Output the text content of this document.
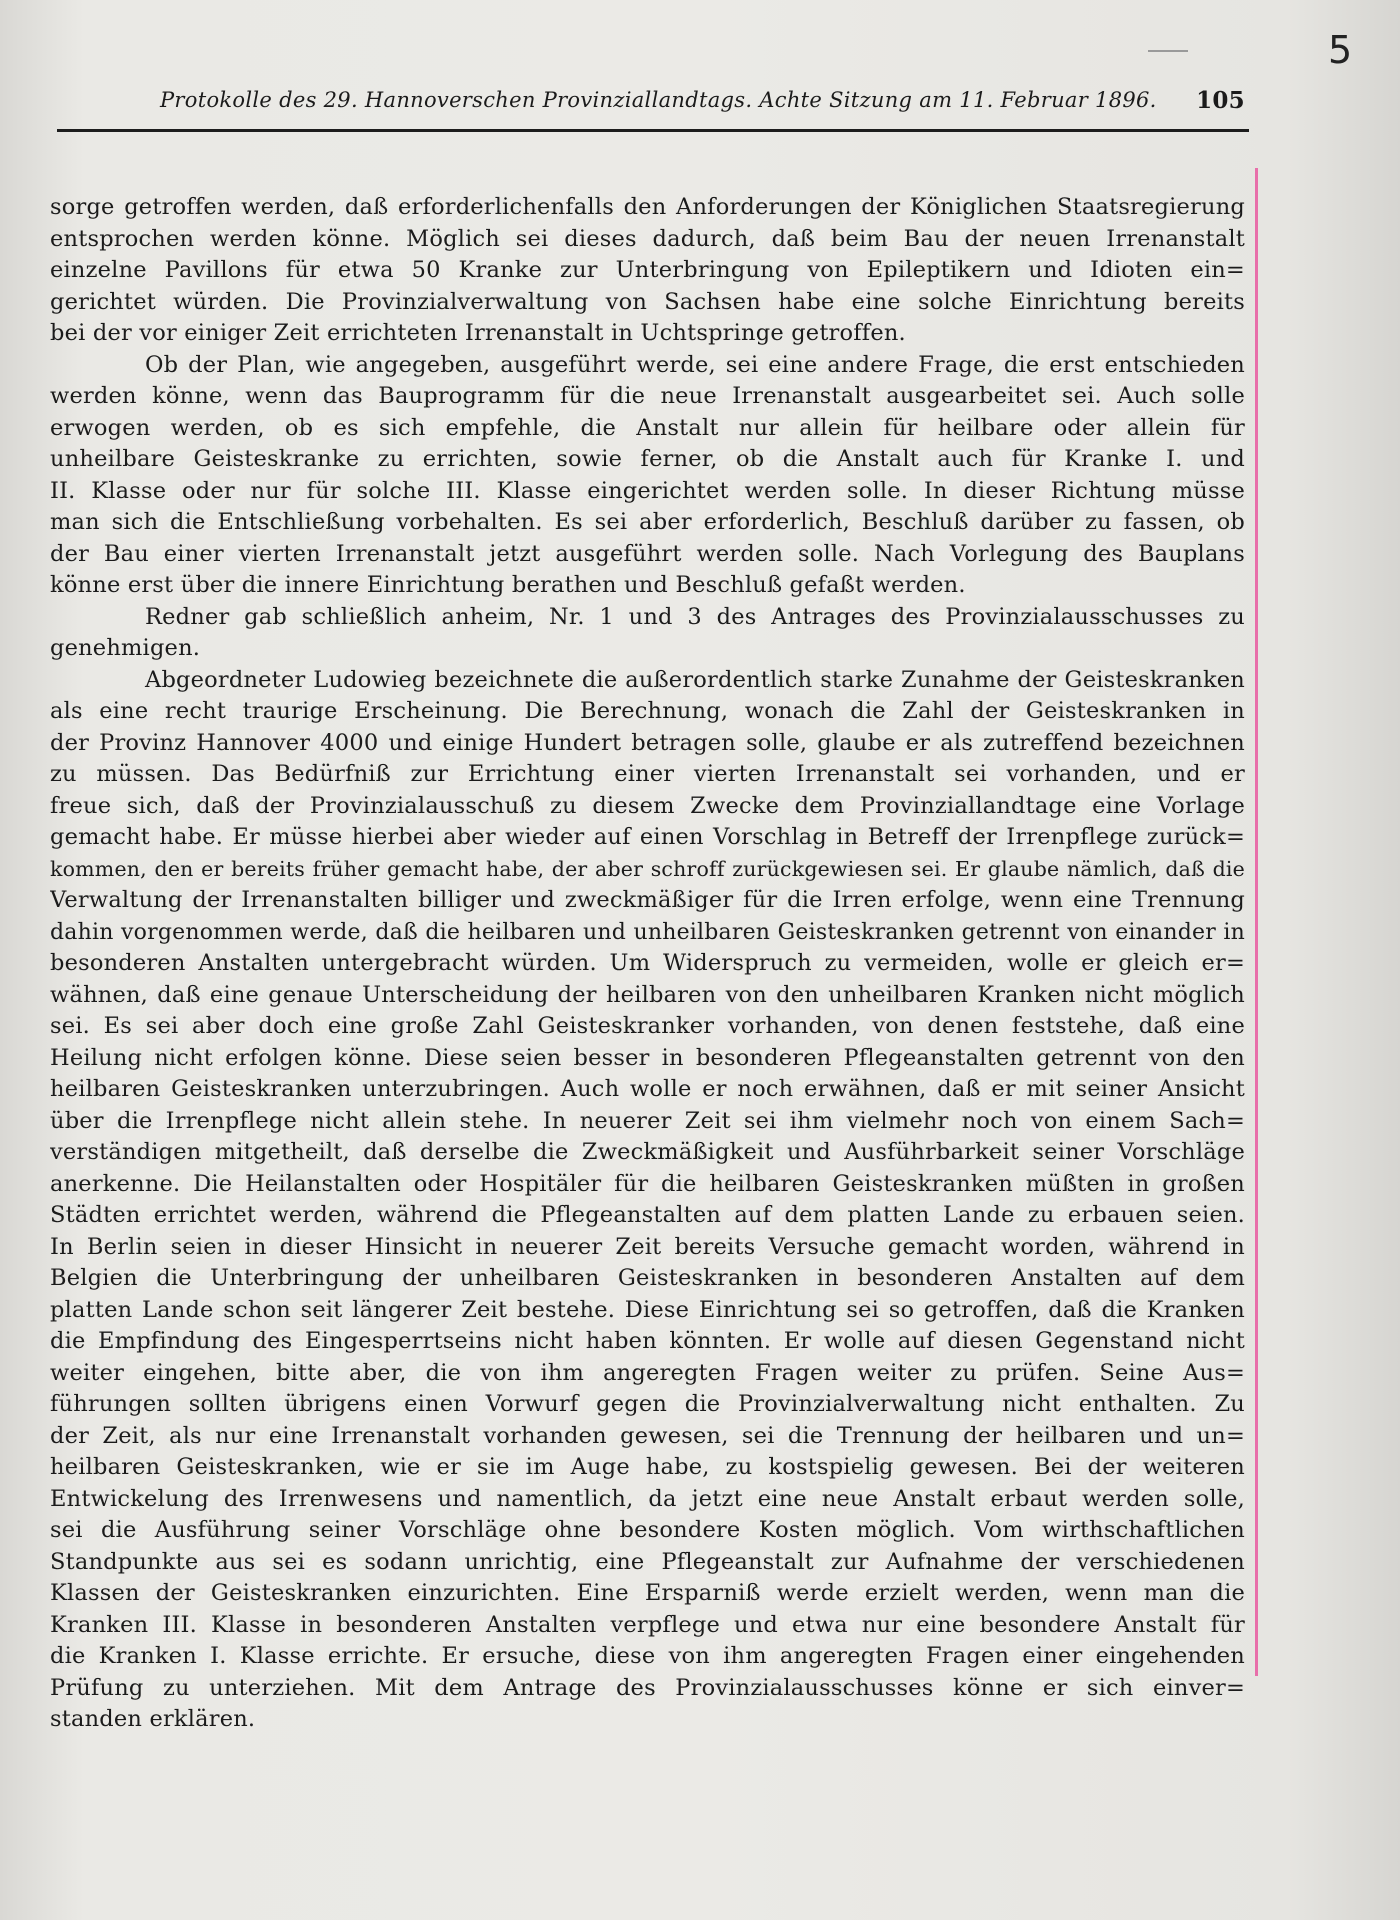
5
Protokolle des 29. Hannoverschen Provinziallandtags. Achte Sitzung am 11. Februar 1896. 105
sorge getroffen werden, daß erforderlichenfalls den Anforderungen der Königlichen Staatsregierung
entsprochen werden könne. Möglich sei dieses dadurch, daß beim Bau der neuen Irrenanstalt
einzelne Pavillons für etwa 50 Kranke zur Unterbringung von Epileptikern und Idioten ein=
gerichtet würden. Die Provinzialverwaltung von Sachsen habe eine solche Einrichtung bereits
bei der vor einiger Zeit errichteten Irrenanstalt in Uchtspringe getroffen.
Ob der Plan, wie angegeben, ausgeführt werde, sei eine andere Frage, die erst entschieden
werden könne, wenn das Bauprogramm für die neue Irrenanstalt ausgearbeitet sei. Auch solle
erwogen werden, ob es sich empfehle, die Anstalt nur allein für heilbare oder allein für
unheilbare Geisteskranke zu errichten, sowie ferner, ob die Anstalt auch für Kranke I. und
II. Klasse oder nur für solche III. Klasse eingerichtet werden solle. In dieser Richtung müsse
man sich die Entschließung vorbehalten. Es sei aber erforderlich, Beschluß darüber zu fassen, ob
der Bau einer vierten Irrenanstalt jetzt ausgeführt werden solle. Nach Vorlegung des Bauplans
könne erst über die innere Einrichtung berathen und Beschluß gefaßt werden.
Redner gab schließlich anheim, Nr. 1 und 3 des Antrages des Provinzialausschusses zu
genehmigen.
Abgeordneter Ludowieg bezeichnete die außerordentlich starke Zunahme der Geisteskranken
als eine recht traurige Erscheinung. Die Berechnung, wonach die Zahl der Geisteskranken in
der Provinz Hannover 4000 und einige Hundert betragen solle, glaube er als zutreffend bezeichnen
zu müssen. Das Bedürfniß zur Errichtung einer vierten Irrenanstalt sei vorhanden, und er
freue sich, daß der Provinzialausschuß zu diesem Zwecke dem Provinziallandtage eine Vorlage
gemacht habe. Er müsse hierbei aber wieder auf einen Vorschlag in Betreff der Irrenpflege zurück=
kommen, den er bereits früher gemacht habe, der aber schroff zurückgewiesen sei. Er glaube nämlich, daß die
Verwaltung der Irrenanstalten billiger und zweckmäßiger für die Irren erfolge, wenn eine Trennung
dahin vorgenommen werde, daß die heilbaren und unheilbaren Geisteskranken getrennt von einander in
besonderen Anstalten untergebracht würden. Um Widerspruch zu vermeiden, wolle er gleich er=
wähnen, daß eine genaue Unterscheidung der heilbaren von den unheilbaren Kranken nicht möglich
sei. Es sei aber doch eine große Zahl Geisteskranker vorhanden, von denen feststehe, daß eine
Heilung nicht erfolgen könne. Diese seien besser in besonderen Pflegeanstalten getrennt von den
heilbaren Geisteskranken unterzubringen. Auch wolle er noch erwähnen, daß er mit seiner Ansicht
über die Irrenpflege nicht allein stehe. In neuerer Zeit sei ihm vielmehr noch von einem Sach=
verständigen mitgetheilt, daß derselbe die Zweckmäßigkeit und Ausführbarkeit seiner Vorschläge
anerkenne. Die Heilanstalten oder Hospitäler für die heilbaren Geisteskranken müßten in großen
Städten errichtet werden, während die Pflegeanstalten auf dem platten Lande zu erbauen seien.
In Berlin seien in dieser Hinsicht in neuerer Zeit bereits Versuche gemacht worden, während in
Belgien die Unterbringung der unheilbaren Geisteskranken in besonderen Anstalten auf dem
platten Lande schon seit längerer Zeit bestehe. Diese Einrichtung sei so getroffen, daß die Kranken
die Empfindung des Eingesperrtseins nicht haben könnten. Er wolle auf diesen Gegenstand nicht
weiter eingehen, bitte aber, die von ihm angeregten Fragen weiter zu prüfen. Seine Aus=
führungen sollten übrigens einen Vorwurf gegen die Provinzialverwaltung nicht enthalten. Zu
der Zeit, als nur eine Irrenanstalt vorhanden gewesen, sei die Trennung der heilbaren und un=
heilbaren Geisteskranken, wie er sie im Auge habe, zu kostspielig gewesen. Bei der weiteren
Entwickelung des Irrenwesens und namentlich, da jetzt eine neue Anstalt erbaut werden solle,
sei die Ausführung seiner Vorschläge ohne besondere Kosten möglich. Vom wirthschaftlichen
Standpunkte aus sei es sodann unrichtig, eine Pflegeanstalt zur Aufnahme der verschiedenen
Klassen der Geisteskranken einzurichten. Eine Ersparniß werde erzielt werden, wenn man die
Kranken III. Klasse in besonderen Anstalten verpflege und etwa nur eine besondere Anstalt für
die Kranken I. Klasse errichte. Er ersuche, diese von ihm angeregten Fragen einer eingehenden
Prüfung zu unterziehen. Mit dem Antrage des Provinzialausschusses könne er sich einver=
standen erklären.
